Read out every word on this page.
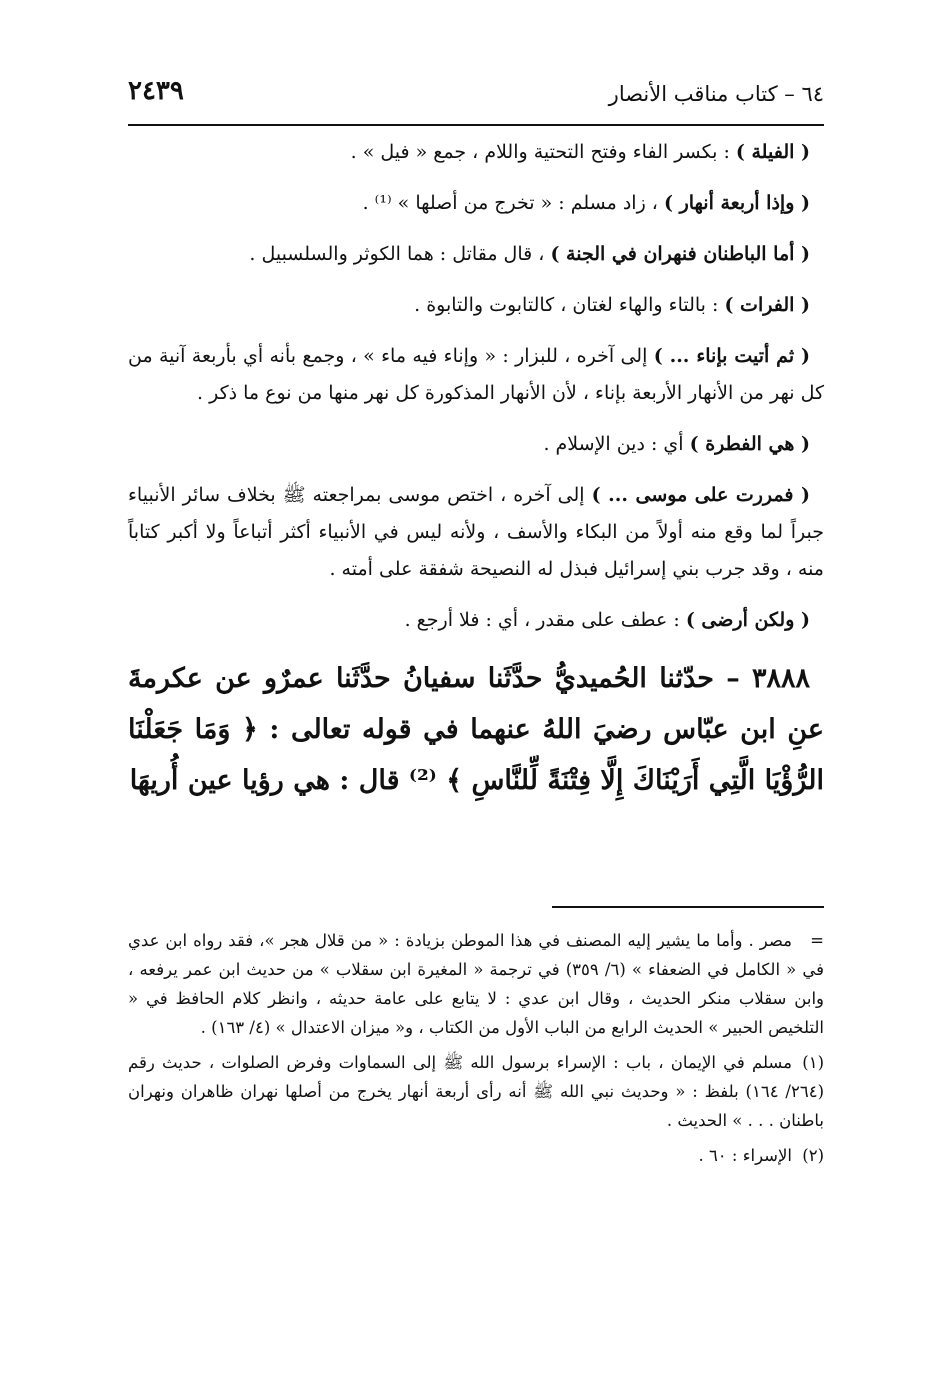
٦٤ – كتاب مناقب الأنصار
٢٤٣٩

( الفيلة ) : بكسر الفاء وفتح التحتية واللام ، جمع « فيل » .

( وإذا أربعة أنهار ) ، زاد مسلم : « تخرج من أصلها » ⁽¹⁾ .

( أما الباطنان فنهران في الجنة ) ، قال مقاتل : هما الكوثر والسلسبيل .

( الفرات ) : بالتاء والهاء لغتان ، كالتابوت والتابوة .

( ثم أتيت بإناء ... ) إلى آخره ، للبزار : « وإناء فيه ماء » ، وجمع بأنه أي بأربعة آنية من كل نهر من الأنهار الأربعة بإناء ، لأن الأنهار المذكورة كل نهر منها من نوع ما ذكر .

( هي الفطرة ) أي : دين الإسلام .

( فمررت على موسى ... ) إلى آخره ، اختص موسى بمراجعته ﷺ بخلاف سائر الأنبياء جبراً لما وقع منه أولاً من البكاء والأسف ، ولأنه ليس في الأنبياء أكثر أتباعاً ولا أكبر كتاباً منه ، وقد جرب بني إسرائيل فبذل له النصيحة شفقة على أمته .

( ولكن أرضى ) : عطف على مقدر ، أي : فلا أرجع .

٣٨٨٨ – حدّثنا الحُميديُّ حدَّثَنا سفيانُ حدَّثَنا عمرٌو عن عكرمةَ عنِ ابن عبّاس رضيَ اللهُ عنهما في قوله تعالى : ﴿ وَمَا جَعَلْنَا الرُّؤْيَا الَّتِي أَرَيْنَاكَ إِلَّا فِتْنَةً لِّلنَّاسِ ﴾ ⁽²⁾ قال : هي رؤيا عين أُريهَا

=مصر . وأما ما يشير إليه المصنف في هذا الموطن بزيادة : « من قلال هجر »، فقد رواه ابن عدي في « الكامل في الضعفاء » (٦/ ٣٥٩) في ترجمة « المغيرة ابن سقلاب » من حديث ابن عمر يرفعه ، وابن سقلاب منكر الحديث ، وقال ابن عدي : لا يتابع على عامة حديثه ، وانظر كلام الحافظ في « التلخيص الحبير » الحديث الرابع من الباب الأول من الكتاب ، و« ميزان الاعتدال » (٤/ ١٦٣) .

(١)مسلم في الإيمان ، باب : الإسراء برسول الله ﷺ إلى السماوات وفرض الصلوات ، حديث رقم (٢٦٤/ ١٦٤) بلفظ : « وحديث نبي الله ﷺ أنه رأى أربعة أنهار يخرج من أصلها نهران ظاهران ونهران باطنان . . . » الحديث .

(٢)الإسراء : ٦٠ .
